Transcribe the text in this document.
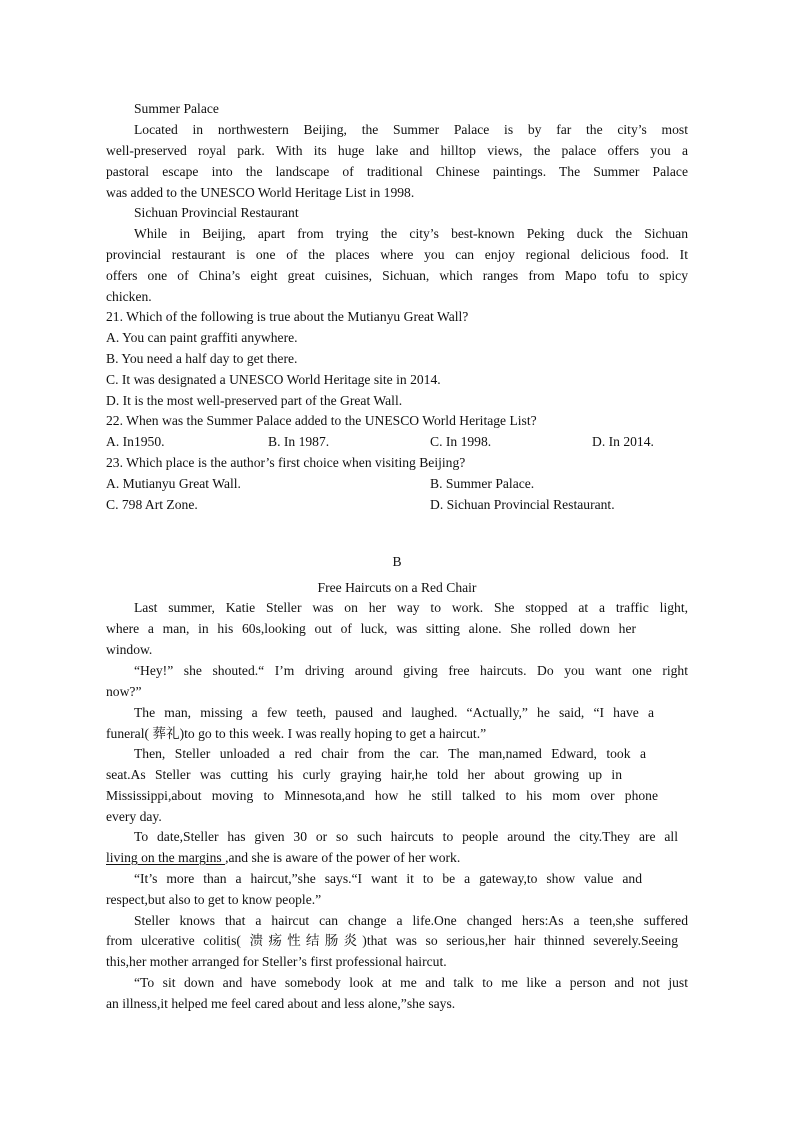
Summer Palace
Located in northwestern Beijing, the Summer Palace is by far the city’s most
well-preserved royal park. With its huge lake and hilltop views, the palace offers you a
pastoral escape into the landscape of traditional Chinese paintings. The Summer Palace
was added to the UNESCO World Heritage List in 1998.
Sichuan Provincial Restaurant
While in Beijing, apart from trying the city’s best-known Peking duck the Sichuan
provincial restaurant is one of the places where you can enjoy regional delicious food. It
offers one of China’s eight great cuisines, Sichuan, which ranges from Mapo tofu to spicy
chicken.
21. Which of the following is true about the Mutianyu Great Wall?
A. You can paint graffiti anywhere.
B. You need a half day to get there.
C. It was designated a UNESCO World Heritage site in 2014.
D. It is the most well-preserved part of the Great Wall.
22. When was the Summer Palace added to the UNESCO World Heritage List?
A. In1950.	B. In 1987.	C. In 1998.	D. In 2014.
23. Which place is the author’s first choice when visiting Beijing?
A. Mutianyu Great Wall.	B. Summer Palace.
C. 798 Art Zone.	D. Sichuan Provincial Restaurant.
B
Free Haircuts on a Red Chair
Last summer, Katie Steller was on her way to work. She stopped at a traffic light,
where a man, in his 60s,looking out of luck, was sitting alone. She rolled down her
window.
“Hey!” she shouted.“ I’m driving around giving free haircuts. Do you want one right
now?”
The man, missing a few teeth, paused and laughed. “Actually,” he said, “I have a
funeral( 葬礼)to go to this week. I was really hoping to get a haircut.”
Then, Steller unloaded a red chair from the car. The man,named Edward, took a
seat.As Steller was cutting his curly graying hair,he told her about growing up in
Mississippi,about moving to Minnesota,and how he still talked to his mom over phone
every day.
To date,Steller has given 30 or so such haircuts to people around the city.They are all
living on the margins ,and she is aware of the power of her work.
“It’s more than a haircut,”she says.“I want it to be a gateway,to show value and
respect,but also to get to know people.”
Steller knows that a haircut can change a life.One changed hers:As a teen,she suffered
from ulcerative colitis( 溃疡性结肠炎)that was so serious,her hair thinned severely.Seeing
this,her mother arranged for Steller’s first professional haircut.
“To sit down and have somebody look at me and talk to me like a person and not just
an illness,it helped me feel cared about and less alone,”she says.
